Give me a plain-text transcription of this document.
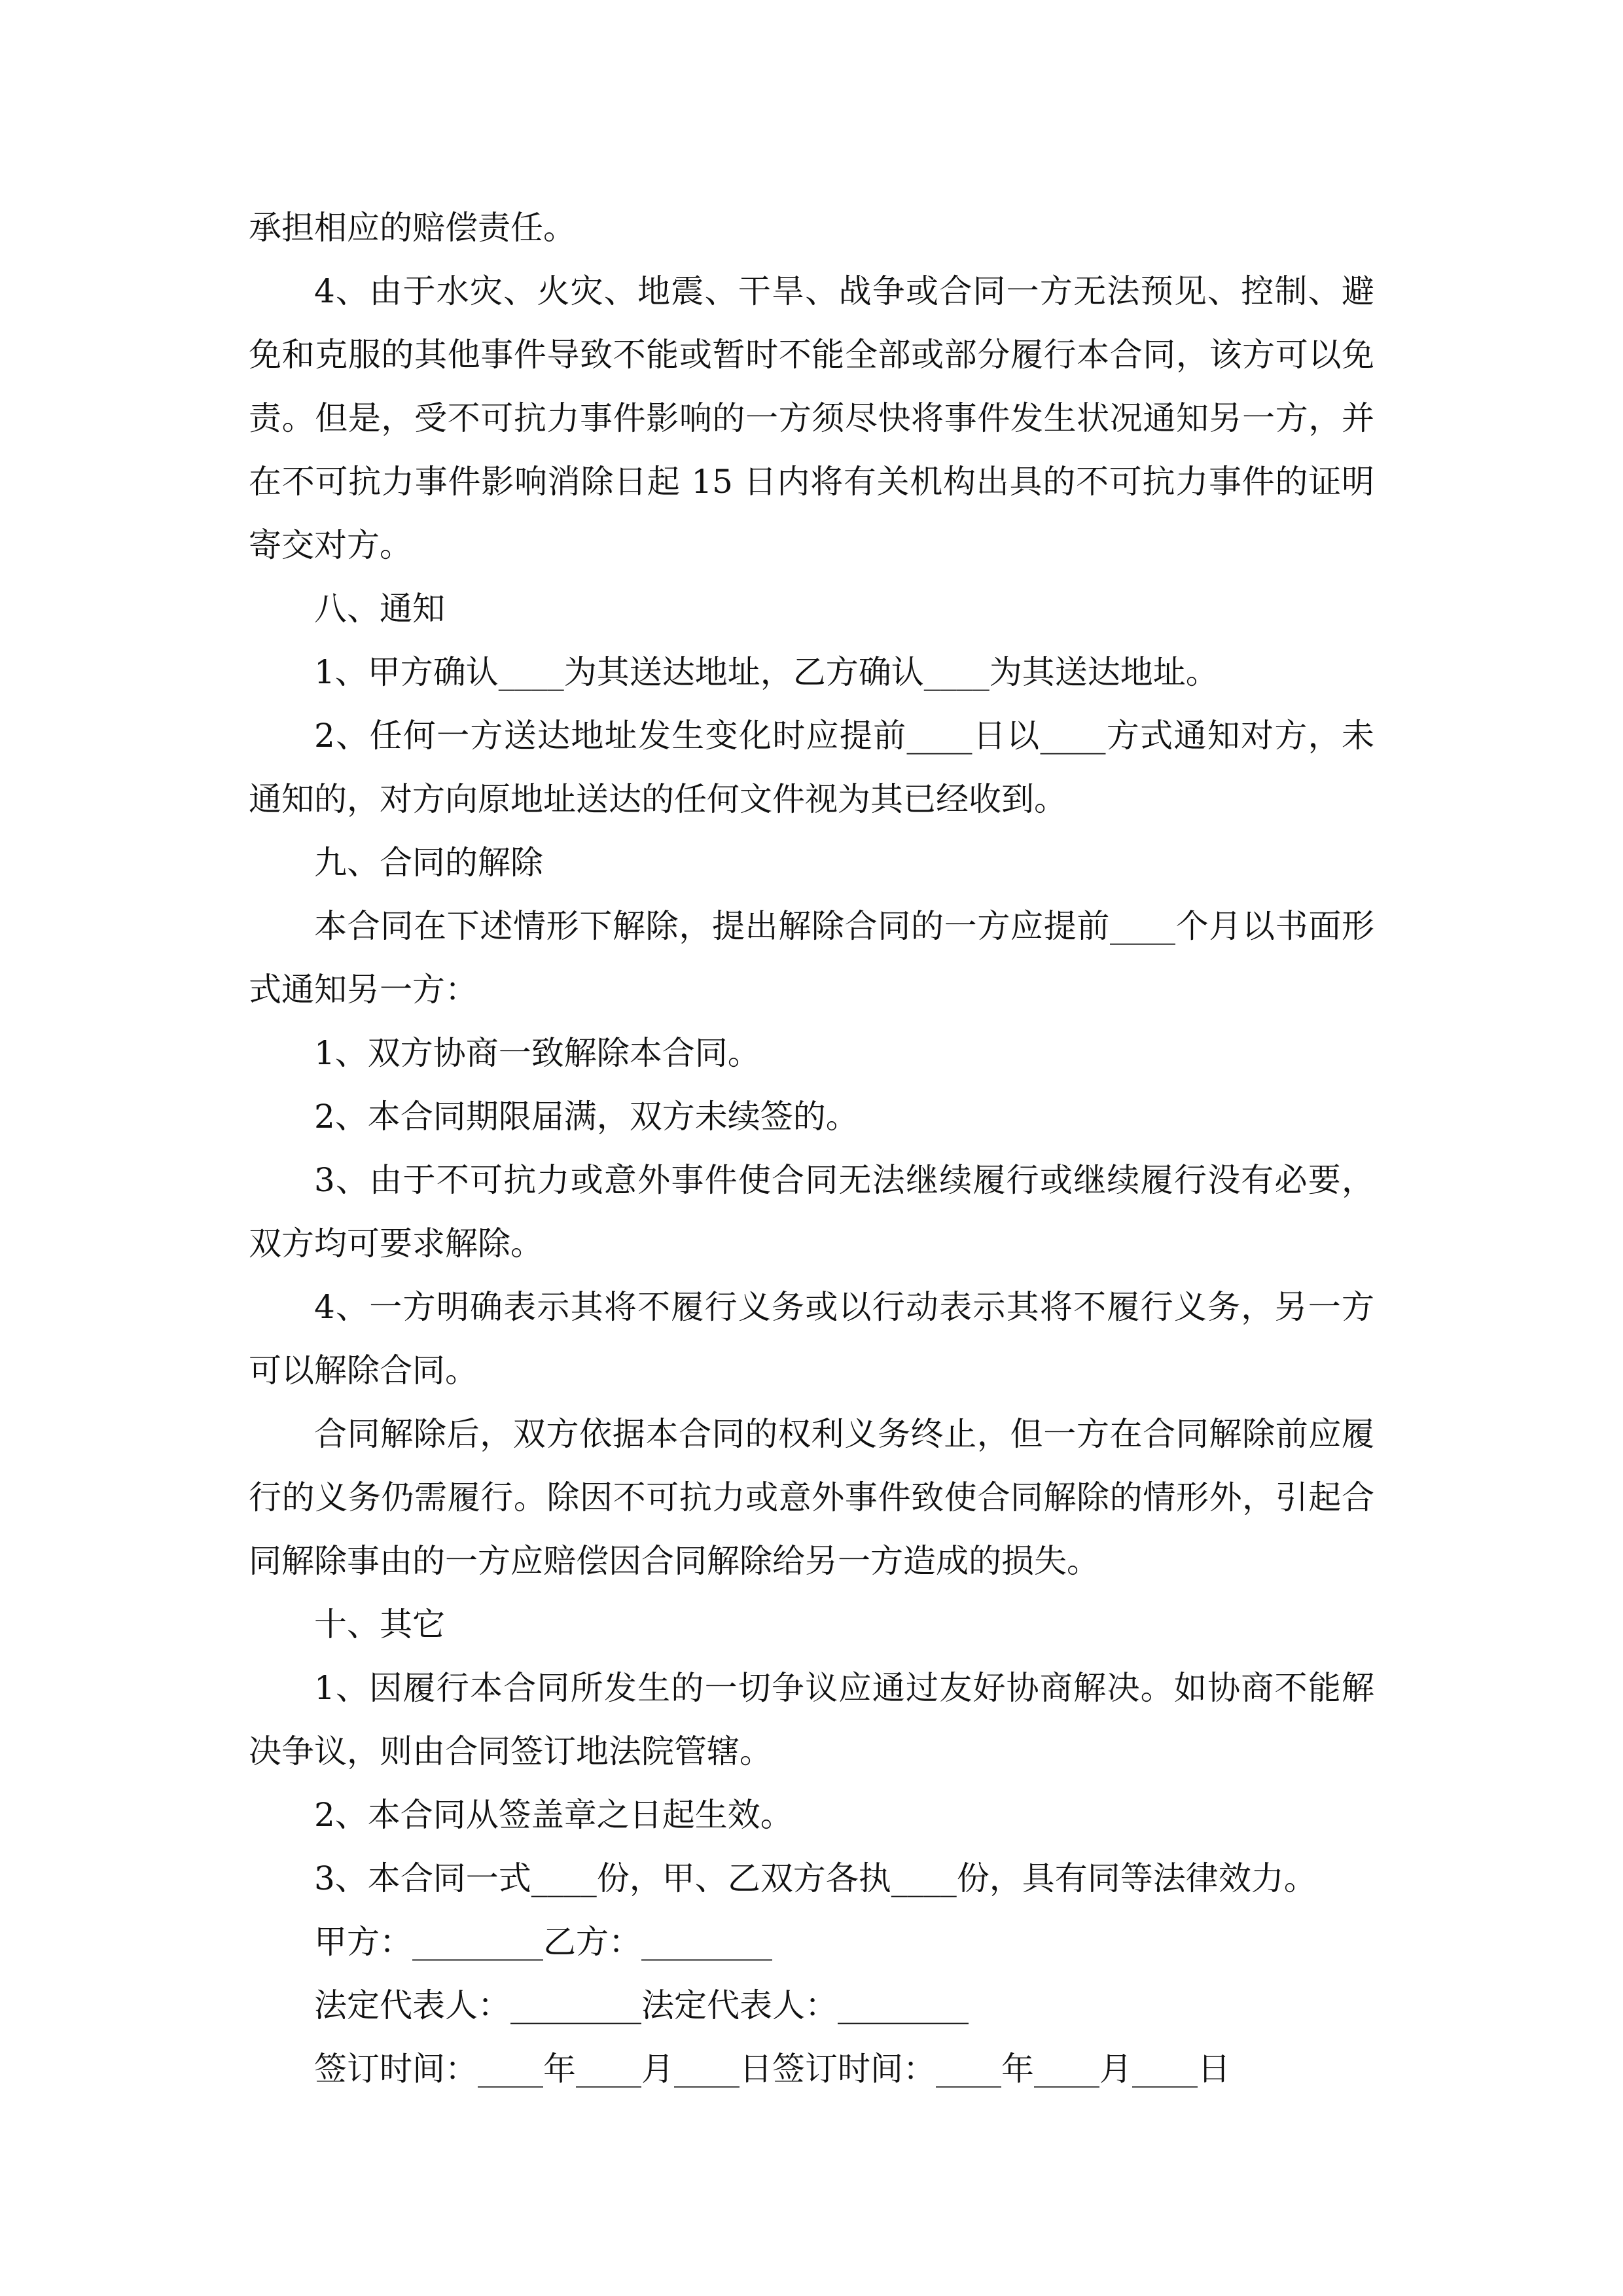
承担相应的赔偿责任。

4、由于水灾、火灾、地震、干旱、战争或合同一方无法预见、控制、避免和克服的其他事件导致不能或暂时不能全部或部分履行本合同，该方可以免责。但是，受不可抗力事件影响的一方须尽快将事件发生状况通知另一方，并在不可抗力事件影响消除日起 15 日内将有关机构出具的不可抗力事件的证明寄交对方。

八、通知

1、甲方确认____为其送达地址，乙方确认____为其送达地址。

2、任何一方送达地址发生变化时应提前____日以____方式通知对方，未通知的，对方向原地址送达的任何文件视为其已经收到。

九、合同的解除

本合同在下述情形下解除，提出解除合同的一方应提前____个月以书面形式通知另一方：

1、双方协商一致解除本合同。

2、本合同期限届满，双方未续签的。

3、由于不可抗力或意外事件使合同无法继续履行或继续履行没有必要，双方均可要求解除。

4、一方明确表示其将不履行义务或以行动表示其将不履行义务，另一方可以解除合同。

合同解除后，双方依据本合同的权利义务终止，但一方在合同解除前应履行的义务仍需履行。除因不可抗力或意外事件致使合同解除的情形外，引起合同解除事由的一方应赔偿因合同解除给另一方造成的损失。

十、其它

1、因履行本合同所发生的一切争议应通过友好协商解决。如协商不能解决争议，则由合同签订地法院管辖。

2、本合同从签盖章之日起生效。

3、本合同一式____份，甲、乙双方各执____份，具有同等法律效力。

甲方：________乙方：________

法定代表人：________法定代表人：________

签订时间：____年____月____日签订时间：____年____月____日
